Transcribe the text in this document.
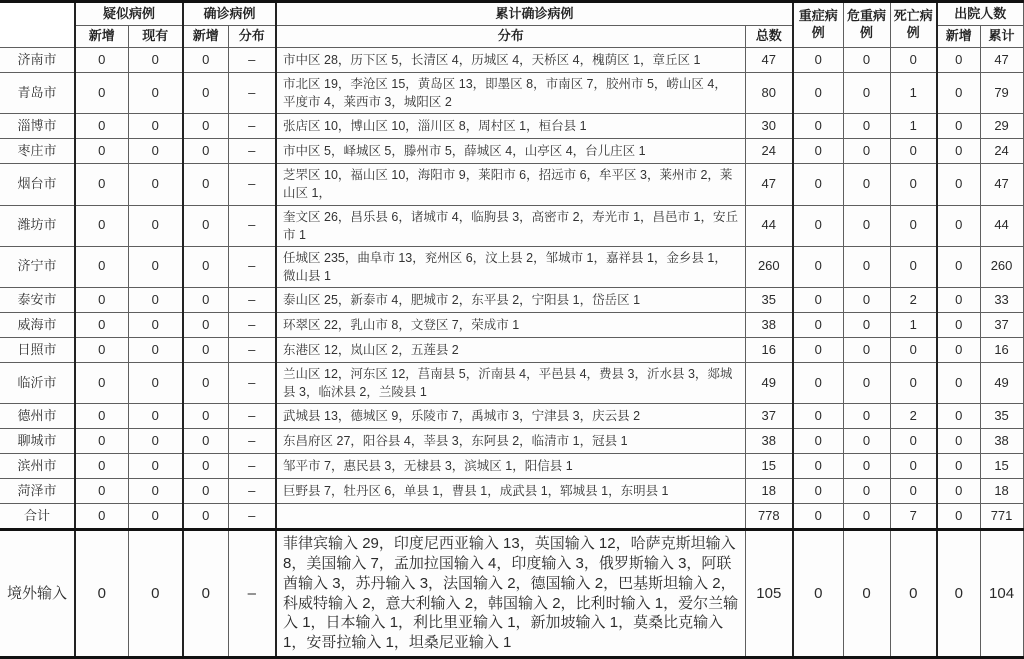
	疑似病例		确诊病例		累计确诊病例		重症病例	危重病例	死亡病例	出院人数	
	新增	现有	新增	分布	分布	总数				新增	累计
济南市	0	0	0	–	市中区 28，历下区 5，长清区 4，历城区 4，天桥区 4，槐荫区 1，章丘区 1	47	0	0	0	0	47
青岛市	0	0	0	–	市北区 19，李沧区 15，黄岛区 13，即墨区 8，市南区 7，胶州市 5，崂山区 4，平度市 4，莱西市 3，城阳区 2	80	0	0	1	0	79
淄博市	0	0	0	–	张店区 10，博山区 10，淄川区 8，周村区 1，桓台县 1	30	0	0	1	0	29
枣庄市	0	0	0	–	市中区 5，峄城区 5，滕州市 5，薛城区 4，山亭区 4，台儿庄区 1	24	0	0	0	0	24
烟台市	0	0	0	–	芝罘区 10，福山区 10，海阳市 9，莱阳市 6，招远市 6，牟平区 3，莱州市 2，莱山区 1，	47	0	0	0	0	47
潍坊市	0	0	0	–	奎文区 26，昌乐县 6，诸城市 4，临朐县 3，高密市 2，寿光市 1，昌邑市 1，安丘市 1	44	0	0	0	0	44
济宁市	0	0	0	–	任城区 235，曲阜市 13，兖州区 6，汶上县 2，邹城市 1，嘉祥县 1，金乡县 1，微山县 1	260	0	0	0	0	260
泰安市	0	0	0	–	泰山区 25，新泰市 4，肥城市 2，东平县 2，宁阳县 1，岱岳区 1	35	0	0	2	0	33
威海市	0	0	0	–	环翠区 22，乳山市 8，文登区 7，荣成市 1	38	0	0	1	0	37
日照市	0	0	0	–	东港区 12，岚山区 2，五莲县 2	16	0	0	0	0	16
临沂市	0	0	0	–	兰山区 12，河东区 12，莒南县 5，沂南县 4，平邑县 4，费县 3，沂水县 3，郯城县 3，临沭县 2，兰陵县 1	49	0	0	0	0	49
德州市	0	0	0	–	武城县 13，德城区 9，乐陵市 7，禹城市 3，宁津县 3，庆云县 2	37	0	0	2	0	35
聊城市	0	0	0	–	东昌府区 27，阳谷县 4，莘县 3，东阿县 2，临清市 1，冠县 1	38	0	0	0	0	38
滨州市	0	0	0	–	邹平市 7，惠民县 3，无棣县 3，滨城区 1，阳信县 1	15	0	0	0	0	15
菏泽市	0	0	0	–	巨野县 7，牡丹区 6，单县 1，曹县 1，成武县 1，郓城县 1，东明县 1	18	0	0	0	0	18
合计	0	0	0	–		778	0	0	7	0	771
境外输入	0	0	0	–	菲律宾输入 29，印度尼西亚输入 13，英国输入 12，哈萨克斯坦输入 8，美国输入 7，孟加拉国输入 4，印度输入 3，俄罗斯输入 3，阿联酋输入 3，苏丹输入 3，法国输入 2，德国输入 2，巴基斯坦输入 2，科威特输入 2，意大利输入 2，韩国输入 2，比利时输入 1，爱尔兰输入 1，日本输入 1，利比里亚输入 1，新加坡输入 1，莫桑比克输入 1，安哥拉输入 1，坦桑尼亚输入 1	105	0	0	0	0	104
